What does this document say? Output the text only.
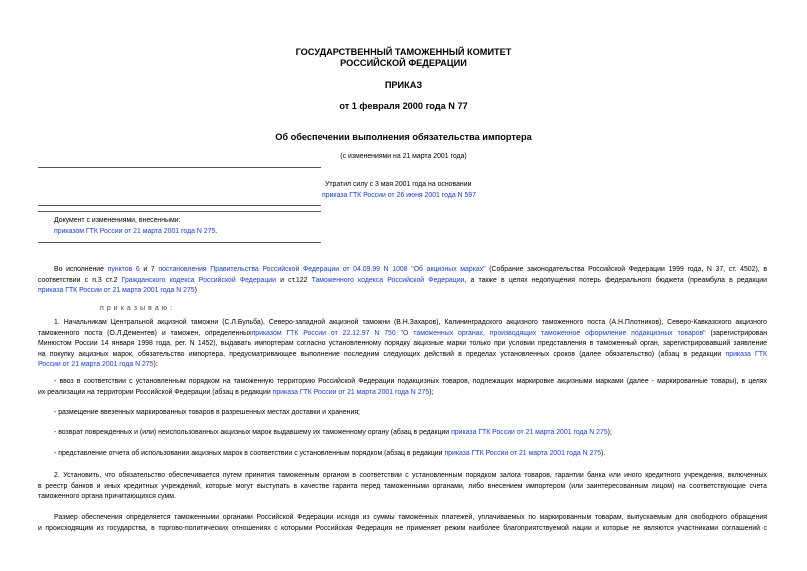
ГОСУДАРСТВЕННЫЙ ТАМОЖЕННЫЙ КОМИТЕТ
РОССИЙСКОЙ ФЕДЕРАЦИИ
ПРИКАЗ
от 1 февраля 2000 года N 77
Об обеспечении выполнения обязательства импортера
(с изменениями на 21 марта 2001 года)
Утратил силу с 3 мая 2001 года на основании
приказа ГТК России от 26 июня 2001 года N 597
Документ с изменениями, внесенными:
приказом ГТК России от 21 марта 2001 года N 275.
Во исполнение пунктов 6 и 7 постановления Правительства Российской Федерации от 04.09.99 N 1008 "Об акцизных марках" (Собрание законодательства Российской Федерации 1999 года, N 37, ст. 4502), в
соответствии с п.3 ст.2 Гражданского кодекса Российской Федерации и ст.122 Таможенного кодекса Российской Федерации, а также в целях недопущения потерь федерального бюджета (преамбула в редакции
приказа ГТК России от 21 марта 2001 года N 275)
п р и к а з ы в а ю :
1. Начальникам Центральной акцизной таможни (С.Л.Бульба), Северо-западной акцизной таможни (В.Н.Захаров), Калининградского акцизного таможенного поста (А.Н.Плотников), Северо-Кавказского акцизного
таможенного поста (О.Л.Дементев) и таможен, определенныхприказом ГТК России от 22.12.97 N 750 "О таможенных органах, производящих таможенное оформление подакцизных товаров" (зарегистрирован
Минюстом России 14 января 1998 года, рег. N 1452), выдавать импортерам согласно установленному порядку акцизные марки только при условии представления в таможенный орган, зарегистрировавший заявление
на покупку акцизных марок, обязательство импортера, предусматривающее выполнение последним следующих действий в пределах установленных сроков (далее обязательство) (абзац в редакции приказа ГТК
России от 21 марта 2001 года N 275):
- ввоз в соответствии с установленным порядком на таможенную территорию Российской Федерации подакцизных товаров, подлежащих маркировке акцизными марками (далее - маркированные товары), в целях
их реализации на территории Российской Федерации (абзац в редакции приказа ГТК России от 21 марта 2001 года N 275);
- размещение ввезенных маркированных товаров в разрешенных местах доставки и хранения;
- возврат поврежденных и (или) неиспользованных акцизных марок выдавшему их таможенному органу (абзац в редакции приказа ГТК России от 21 марта 2001 года N 275);
- представление отчета об использовании акцизных марок в соответствии с установленным порядком (абзац в редакции приказа ГТК России от 21 марта 2001 года N 275).
2. Установить, что обязательство обеспечивается путем принятия таможенным органом в соответствии с установленным порядком залога товаров, гарантии банка или иного кредитного учреждения, включенных
в реестр банков и иных кредитных учреждений, которые могут выступать в качестве гаранта перед таможенными органами, либо внесением импортером (или заинтересованным лицом) на соответствующие счета
таможенного органа причитающихся сумм.
Размер обеспечения определяется таможенными органами Российской Федерации исходя из суммы таможенных платежей, уплачиваемых по маркированным товарам, выпускаемым для свободного обращения
и происходящим из государства, в торгово-политических отношениях с которыми Российская Федерация не применяет режим наиболее благоприятствуемой нации и которые не являются участниками соглашений с
